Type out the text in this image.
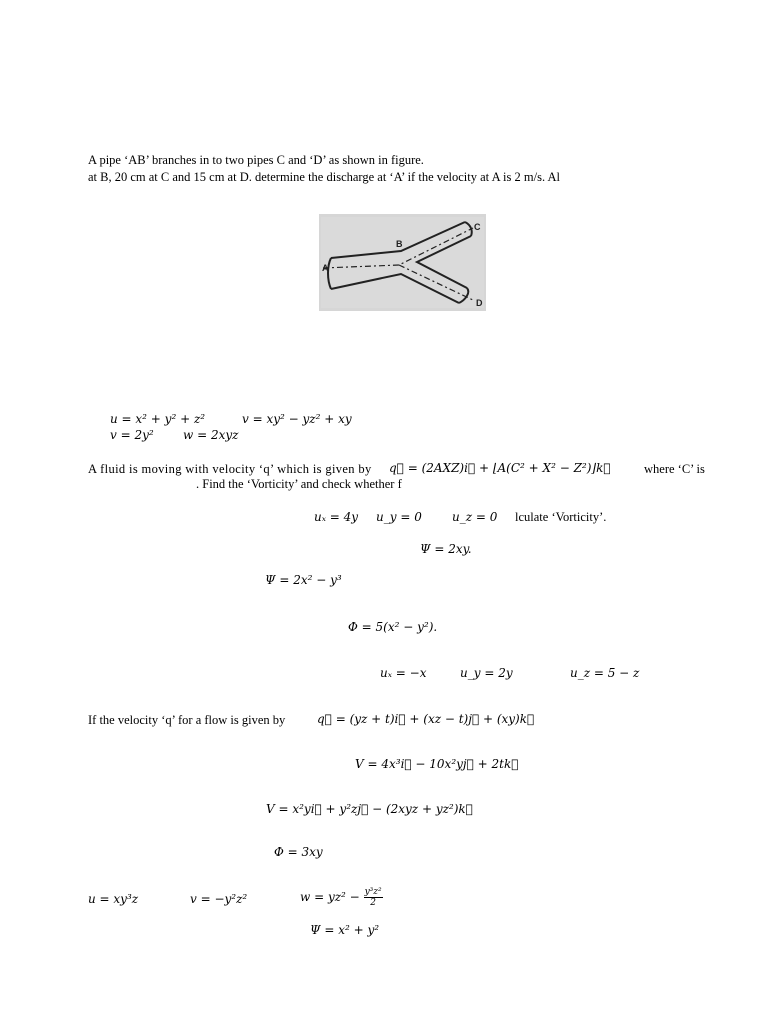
A pipe ‘AB’ branches in to two pipes C and ‘D’ as shown in figure.
at B, 20 cm at C and 15 cm at D. determine the discharge at ‘A’ if the velocity at A is 2 m/s. Al
A
B
C
D
u = x² + y² + z²	v = xy² − yz² + xy
v = 2y² w = 2xyz
A fluid is moving with velocity ‘q’ which is given by q⃗ = (2AXZ)i⃗ + ⌊A(C² + X² − Z²)⌋k⃗	where ‘C’ is
. Find the ‘Vorticity’ and check whether f
uₓ = 4y u_y = 0	u_z = 0 lculate ‘Vorticity’.
Ψ = 2xy.
Ψ = 2x² − y³
Φ = 5(x² − y²).
uₓ = −x	u_y = 2y	u_z = 5 − z
If the velocity ‘q’ for a flow is given by	q⃗ = (yz + t)i⃗ + (xz − t)j⃗ + (xy)k⃗
V = 4x³i⃗ − 10x²yj⃗ + 2tk⃗
V = x²yi⃗ + y²zj⃗ − (2xyz + yz²)k⃗
Φ = 3xy
u = xy³z	v = −y²z²	$w = yz^2 - \frac{\text{y³z²}}{2}$
Ψ = x² + y²
